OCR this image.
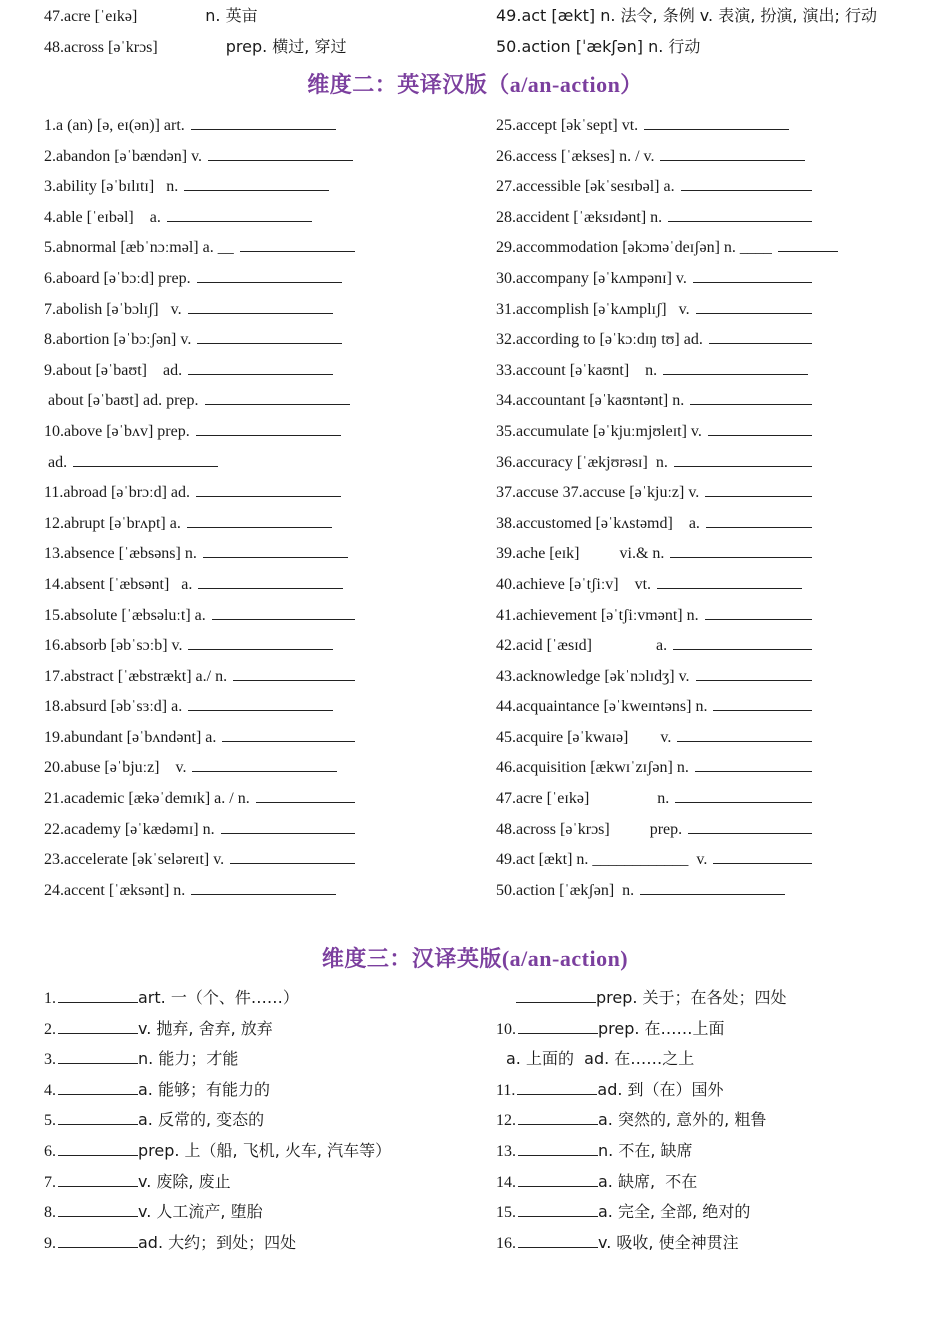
47.acre [ˈeɪkə]	n. 英亩
48.across [əˈkrɔs]	prep. 横过, 穿过
49.act [ækt] n. 法令, 条例 v. 表演, 扮演, 演出; 行动
50.action [ˈækʃən] n. 行动
维度二：英译汉版（a/an-action）
1.a (an) [ə, eɪ(ən)] art.
2.abandon [əˈbændən] v.
3.ability [əˈbɪlɪtɪ]   n.
4.able [ˈeɪbəl]    a.
5.abnormal [æbˈnɔːməl] a. __
6.aboard [əˈbɔːd] prep.
7.abolish [əˈbɔlɪʃ]   v.
8.abortion [əˈbɔːʃən] v.
9.about [əˈbaʊt]    ad.
about [əˈbaʊt] ad. prep.
10.above [əˈbʌv] prep.
ad.
11.abroad [əˈbrɔːd] ad.
12.abrupt [əˈbrʌpt] a.
13.absence [ˈæbsəns] n.
14.absent [ˈæbsənt]   a.
15.absolute [ˈæbsəluːt] a.
16.absorb [əbˈsɔːb] v.
17.abstract [ˈæbstrækt] a./ n.
18.absurd [əbˈsɜːd] a.
19.abundant [əˈbʌndənt] a.
20.abuse [əˈbjuːz]    v.
21.academic [ækəˈdemɪk] a. / n.
22.academy [əˈkædəmɪ] n.
23.accelerate [əkˈseləreɪt] v.
24.accent [ˈæksənt] n.
25.accept [əkˈsept] vt.
26.access [ˈækses] n. / v.
27.accessible [əkˈsesɪbəl] a.
28.accident [ˈæksɪdənt] n.
29.accommodation [əkɔməˈdeɪʃən] n. ____
30.accompany [əˈkʌmpənɪ] v.
31.accomplish [əˈkʌmplɪʃ]   v.
32.according to [əˈkɔːdɪŋ tʊ] ad.
33.account [əˈkaʊnt]    n.
34.accountant [əˈkaʊntənt] n.
35.accumulate [əˈkjuːmjʊleɪt] v.
36.accuracy [ˈækjʊrəsɪ]  n.
37.accuse 37.accuse [əˈkjuːz] v.
38.accustomed [əˈkʌstəmd]    a.
39.ache [eɪk]          vi.& n.
40.achieve [əˈtʃiːv]    vt.
41.achievement [əˈtʃiːvmənt] n.
42.acid [ˈæsɪd]                a.
43.acknowledge [əkˈnɔlɪdʒ] v.
44.acquaintance [əˈkweɪntəns] n.
45.acquire [əˈkwaɪə]        v.
46.acquisition [ækwɪˈzɪʃən] n.
47.acre [ˈeɪkə]                 n.
48.across [əˈkrɔs]          prep.
49.act [ækt] n. ____________  v.
50.action [ˈækʃən]  n.
维度三：汉译英版(a/an-action)
1.	art. 一（个、件……）
2.	v. 抛弃, 舍弃, 放弃
3.	n. 能力；才能
4.	a. 能够；有能力的
5.	a. 反常的, 变态的
6.	prep. 上（船, 飞机, 火车, 汽车等）
7.	v. 废除, 废止
8.	v. 人工流产, 堕胎
9.	ad. 大约；到处；四处
prep. 关于；在各处；四处
10.	prep. 在……上面
a. 上面的  ad. 在……之上
11.	ad. 到（在）国外
12.	a. 突然的, 意外的, 粗鲁
13.	n. 不在, 缺席
14.	a. 缺席,  不在
15.	a. 完全, 全部, 绝对的
16.	v. 吸收, 使全神贯注
